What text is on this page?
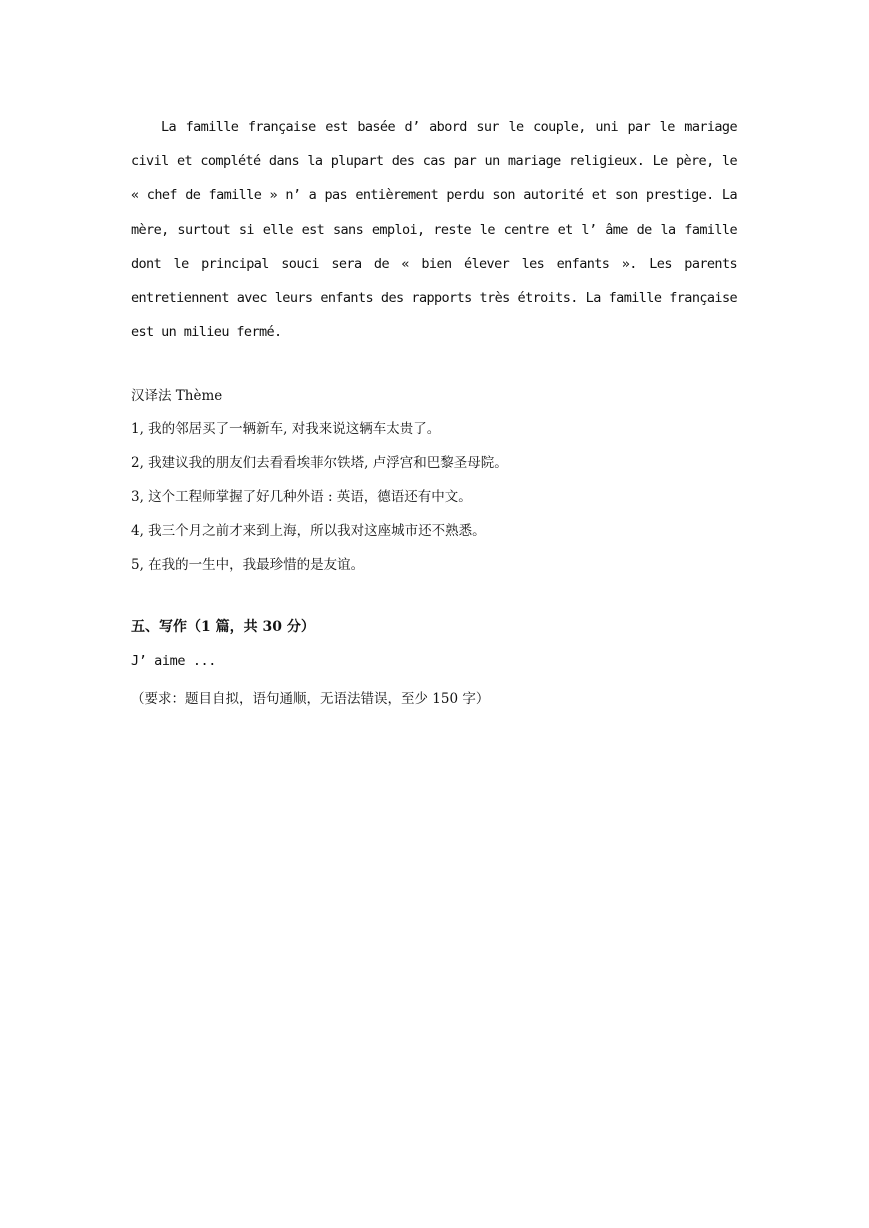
La famille française est basée d’ abord sur le couple, uni par le mariage civil et complété dans la plupart des cas par un mariage religieux. Le père, le « chef de famille » n’ a pas entièrement perdu son autorité et son prestige. La mère, surtout si elle est sans emploi, reste le centre et l’ âme de la famille dont le principal souci sera de « bien élever les enfants ». Les parents entretiennent avec leurs enfants des rapports très étroits. La famille française est un milieu fermé.

汉译法 Thème

1, 我的邻居买了一辆新车, 对我来说这辆车太贵了。
2, 我建议我的朋友们去看看埃菲尔铁塔, 卢浮宫和巴黎圣母院。
3, 这个工程师掌握了好几种外语 : 英语，德语还有中文。
4, 我三个月之前才来到上海，所以我对这座城市还不熟悉。
5, 在我的一生中，我最珍惜的是友谊。

五、写作（1 篇，共 30 分）

J’ aime ...

（要求：题目自拟，语句通顺，无语法错误，至少 150 字）
